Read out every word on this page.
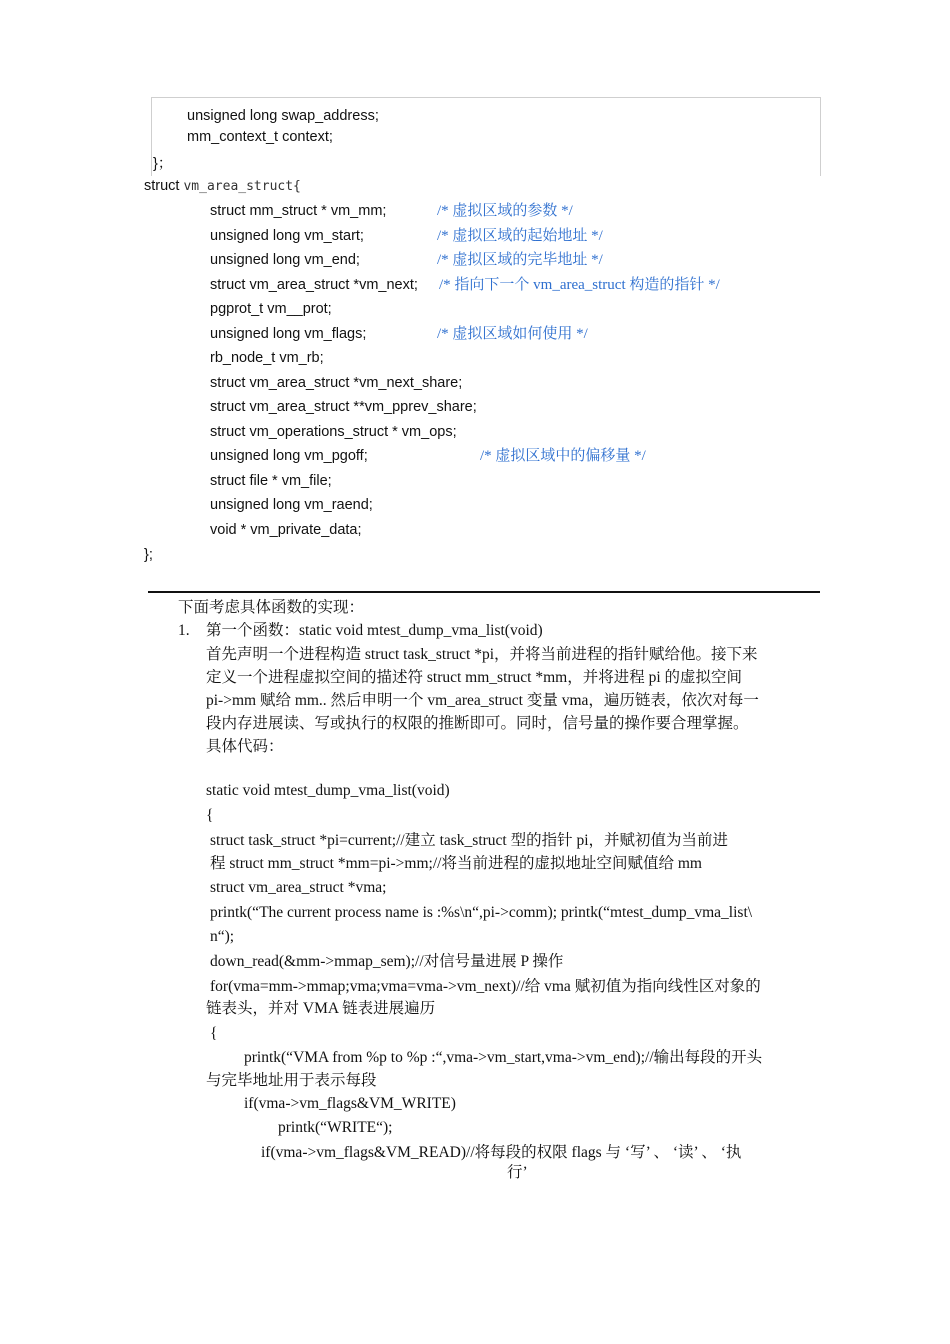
unsigned long swap_address;
mm_context_t context;
}；
struct vm_area_struct{
struct mm_struct * vm_mm;	/* 虚拟区域的参数 */
unsigned long vm_start;	/* 虚拟区域的起始地址 */
unsigned long vm_end;	/* 虚拟区域的完毕地址 */
struct vm_area_struct *vm_next; /* 指向下一个 vm_area_struct 构造的指针 */
pgprot_t vm__prot;
unsigned long vm_flags;	/* 虚拟区域如何使用 */
rb_node_t vm_rb;
struct vm_area_struct *vm_next_share;
struct vm_area_struct **vm_pprev_share;
struct vm_operations_struct * vm_ops;
unsigned long vm_pgoff;	/* 虚拟区域中的偏移量 */
struct file * vm_file;
unsigned long vm_raend;
void * vm_private_data;
};
下面考虑具体函数的实现：
1. 第一个函数：static void mtest_dump_vma_list(void)
首先声明一个进程构造 struct task_struct *pi，并将当前进程的指针赋给他。接下来
定义一个进程虚拟空间的描述符 struct mm_struct *mm，并将进程 pi 的虚拟空间
pi->mm 赋给 mm.. 然后申明一个 vm_area_struct 变量 vma，遍历链表，依次对每一
段内存进展读、写或执行的权限的推断即可。同时，信号量的操作要合理掌握。
具体代码：
static void mtest_dump_vma_list(void)
{
struct task_struct *pi=current;//建立 task_struct 型的指针 pi，并赋初值为当前进
程 struct mm_struct *mm=pi->mm;//将当前进程的虚拟地址空间赋值给 mm
struct vm_area_struct *vma;
printk(“The current process name is :%s\n“,pi->comm); printk(“mtest_dump_vma_list\
n“);
down_read(&mm->mmap_sem);//对信号量进展 P 操作
for(vma=mm->mmap;vma;vma=vma->vm_next)//给 vma 赋初值为指向线性区对象的
链表头，并对 VMA 链表进展遍历
{
printk(“VMA from %p to %p :“,vma->vm_start,vma->vm_end);//输出每段的开头
与完毕地址用于表示每段
if(vma->vm_flags&VM_WRITE)
printk(“WRITE“);
if(vma->vm_flags&VM_READ)//将每段的权限 flags 与 ‘写’ 、 ‘读’ 、 ‘执
行’
